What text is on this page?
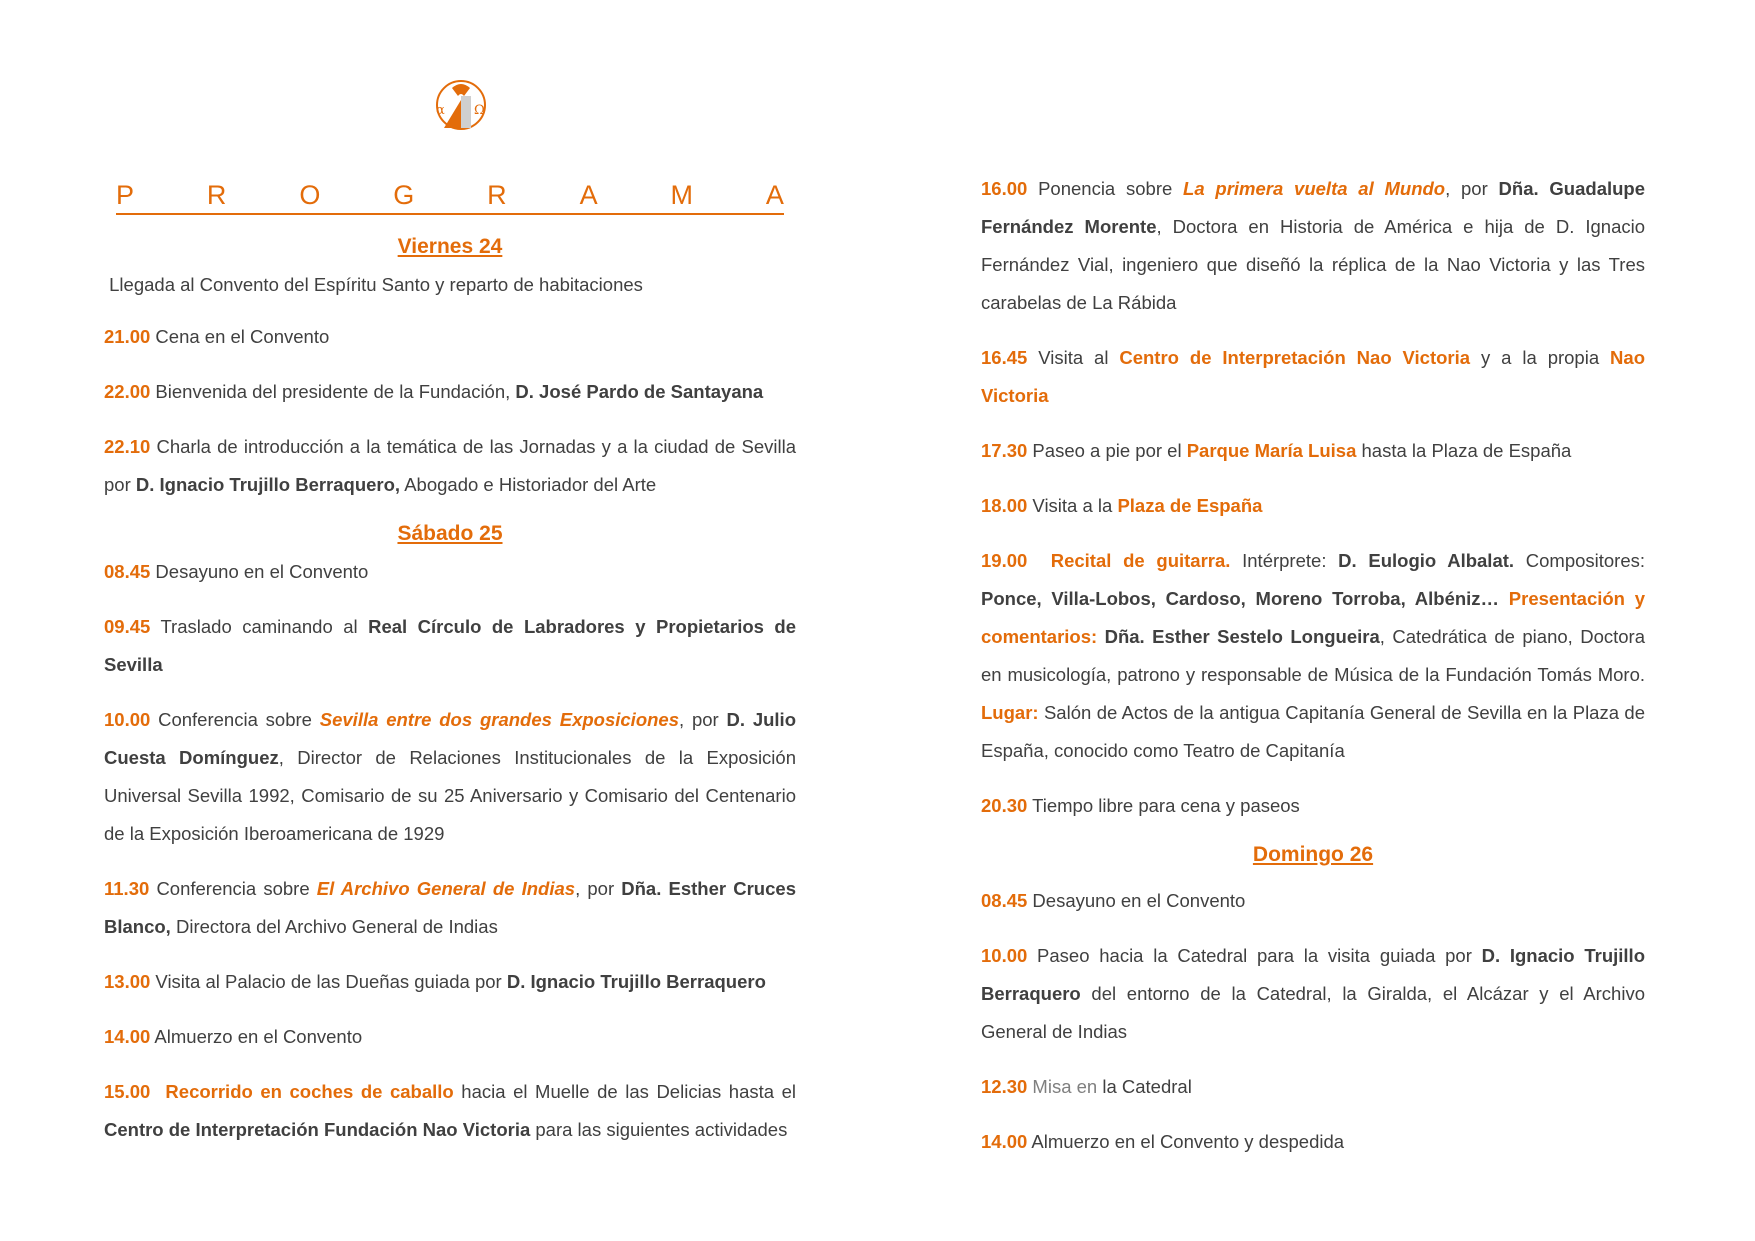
α Ω
P	R	O	G	R	A	M	A

Viernes 24

Llegada al Convento del Espíritu Santo y reparto de habitaciones

21.00 Cena en el Convento

22.00 Bienvenida del presidente de la Fundación, D. José Pardo de Santayana

22.10 Charla de introducción a la temática de las Jornadas y a la ciudad de Sevilla por D. Ignacio Trujillo Berraquero, Abogado e Historiador del Arte

Sábado 25

08.45 Desayuno en el Convento

09.45 Traslado caminando al Real Círculo de Labradores y Propietarios de Sevilla

10.00 Conferencia sobre Sevilla entre dos grandes Exposiciones, por D. Julio Cuesta Domínguez, Director de Relaciones Institucionales de la Exposición Universal Sevilla 1992, Comisario de su 25 Aniversario y Comisario del Centenario de la Exposición Iberoamericana de 1929

11.30 Conferencia sobre El Archivo General de Indias, por Dña. Esther Cruces Blanco, Directora del Archivo General de Indias

13.00 Visita al Palacio de las Dueñas guiada por D. Ignacio Trujillo Berraquero

14.00 Almuerzo en el Convento

15.00 Recorrido en coches de caballo hacia el Muelle de las Delicias hasta el Centro de Interpretación Fundación Nao Victoria para las siguientes actividades

16.00 Ponencia sobre La primera vuelta al Mundo, por Dña. Guadalupe Fernández Morente, Doctora en Historia de América e hija de D. Ignacio Fernández Vial, ingeniero que diseñó la réplica de la Nao Victoria y las Tres carabelas de La Rábida

16.45 Visita al Centro de Interpretación Nao Victoria y a la propia Nao Victoria

17.30 Paseo a pie por el Parque María Luisa hasta la Plaza de España

18.00 Visita a la Plaza de España

19.00 Recital de guitarra. Intérprete: D. Eulogio Albalat. Compositores: Ponce, Villa-Lobos, Cardoso, Moreno Torroba, Albéniz… Presentación y comentarios: Dña. Esther Sestelo Longueira, Catedrática de piano, Doctora en musicología, patrono y responsable de Música de la Fundación Tomás Moro. Lugar: Salón de Actos de la antigua Capitanía General de Sevilla en la Plaza de España, conocido como Teatro de Capitanía

20.30 Tiempo libre para cena y paseos

Domingo 26

08.45 Desayuno en el Convento

10.00 Paseo hacia la Catedral para la visita guiada por D. Ignacio Trujillo Berraquero del entorno de la Catedral, la Giralda, el Alcázar y el Archivo General de Indias

12.30 Misa en la Catedral

14.00 Almuerzo en el Convento y despedida
